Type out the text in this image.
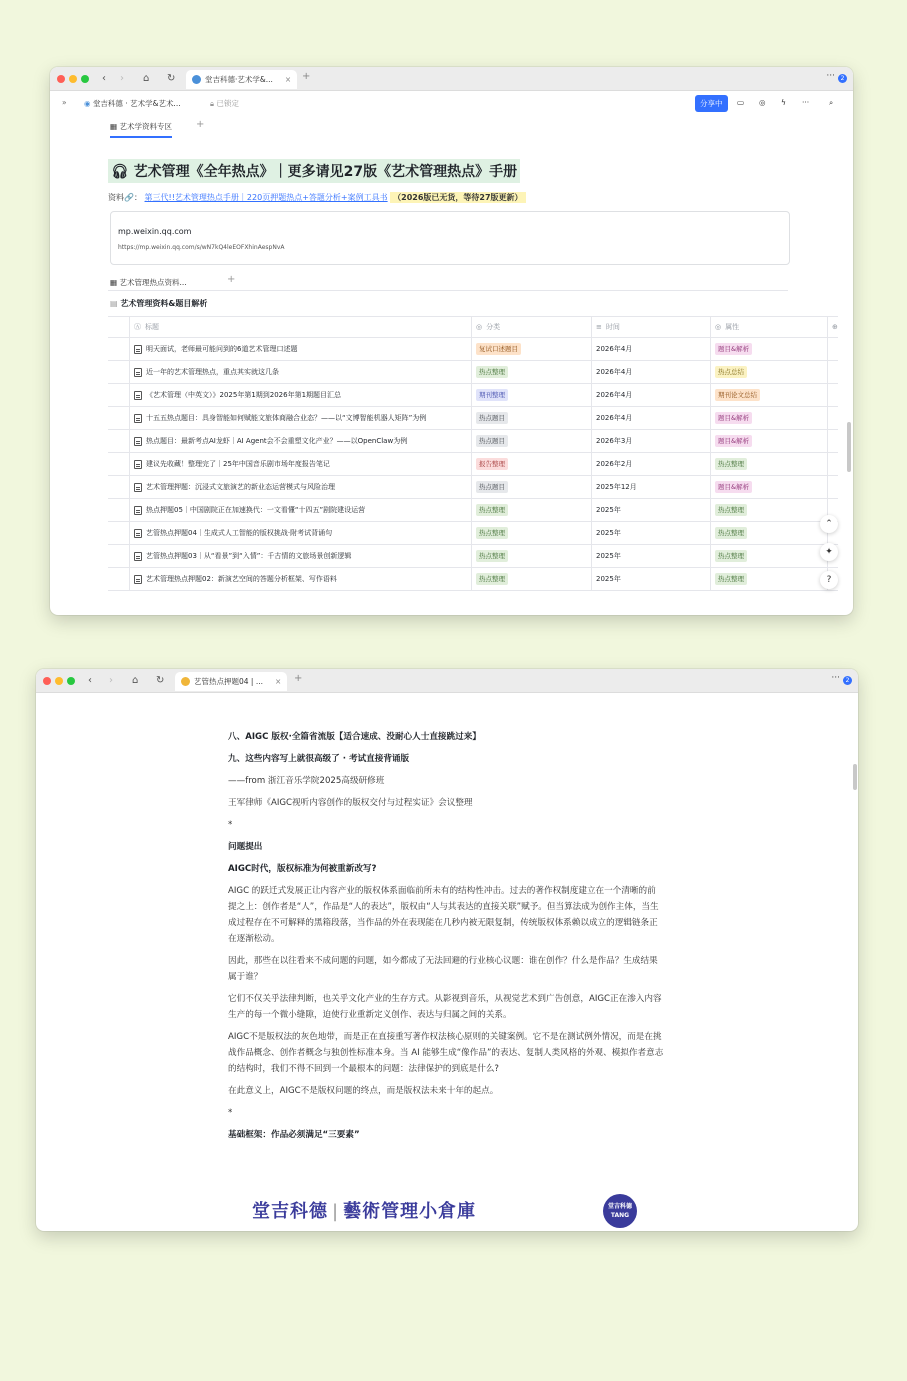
‹ › ⌂ ↻	堂吉科德·艺术学&... × +	··· 2
» ◉ 堂吉科德 · 艺术学&艺术...	🔒︎ 已锁定	分享中	▭ ◎ ϟ ···	⌕
▦ 艺术学资料专区 +
🎧︎ 艺术管理《全年热点》｜更多请见27版《艺术管理热点》手册
资料🔗： 第三代!!艺术管理热点手册｜220页押题热点+答题分析+案例工具书 （2026版已无货，等待27版更新）
mp.weixin.qq.com
https://mp.weixin.qq.com/s/wN7kQ4leEOFXhinAespNvA
▦ 艺术管理热点资料...	+
▤ 艺术管理资料&题目解析
Ⓐ 标题	◎ 分类	≡ 时间	◎ 属性	⊕
明天面试，老师最可能问到的6道艺术管理口述题	复试口述题目	2026年4月	题目&解析
近一年的艺术管理热点，重点其实就这几条	热点整理	2026年4月	热点总结
《艺术管理（中英文）》2025年第1期到2026年第1期题目汇总	期刊整理	2026年4月	期刊论文总结
十五五热点题目：具身智能如何赋能文旅体商融合业态？——以“文博智能机器人矩阵”为例	热点题目	2026年4月	题目&解析
热点题目：最新考点AI龙虾｜AI Agent会不会重塑文化产业？——以OpenClaw为例	热点题目	2026年3月	题目&解析
建议先收藏！整理完了｜25年中国音乐剧市场年度报告笔记	报告整理	2026年2月	热点整理
艺术管理押题：沉浸式文旅演艺的新业态运营模式与风险治理	热点题目	2025年12月	题目&解析
热点押题05｜中国剧院正在加速换代：一文看懂“十四五”剧院建设运营	热点整理	2025年	热点整理
艺管热点押题04｜生成式人工智能的版权挑战·附考试背诵句	热点整理	2025年	热点整理
艺管热点押题03｜从“看景”到“入情”：千古情的文旅场景创新逻辑	热点整理	2025年	热点整理
艺术管理热点押题02：新演艺空间的答题分析框架、写作语料	热点整理	2025年	热点整理
⌃
✦
?
‹ › ⌂ ↻	艺管热点押题04 | ... × +	··· 2

八、AIGC 版权·全篇省流版【适合速成、没耐心人士直接跳过来】

九、这些内容写上就很高级了 · 考试直接背诵版

——from 浙江音乐学院2025高级研修班

王军律师《AIGC视听内容创作的版权交付与过程实证》会议整理

*

问题提出

AIGC时代，版权标准为何被重新改写?

AIGC 的跃迁式发展正让内容产业的版权体系面临前所未有的结构性冲击。过去的著作权制度建立在一个清晰的前提之上：创作者是“人”，作品是“人的表达”，版权由“人与其表达的直接关联”赋予。但当算法成为创作主体，当生成过程存在不可解释的黑箱段落，当作品的外在表现能在几秒内被无限复制，传统版权体系赖以成立的逻辑链条正在逐渐松动。

因此，那些在以往看来不成问题的问题，如今都成了无法回避的行业核心议题：谁在创作？什么是作品？生成结果属于谁？

它们不仅关乎法律判断，也关乎文化产业的生存方式。从影视到音乐，从视觉艺术到广告创意，AIGC正在渗入内容生产的每一个微小缝隙，迫使行业重新定义创作、表达与归属之间的关系。

AIGC不是版权法的灰色地带，而是正在直接重写著作权法核心原则的关键案例。它不是在测试例外情况，而是在挑战作品概念、创作者概念与独创性标准本身。当 AI 能够生成“像作品”的表达、复制人类风格的外观、模拟作者意志的结构时，我们不得不回到一个最根本的问题：法律保护的到底是什么?

在此意义上，AIGC不是版权问题的终点，而是版权法未来十年的起点。

*

基础框架：作品必须满足“三要素”

堂吉科德 | 藝術管理小倉庫	堂吉科德
TANG
